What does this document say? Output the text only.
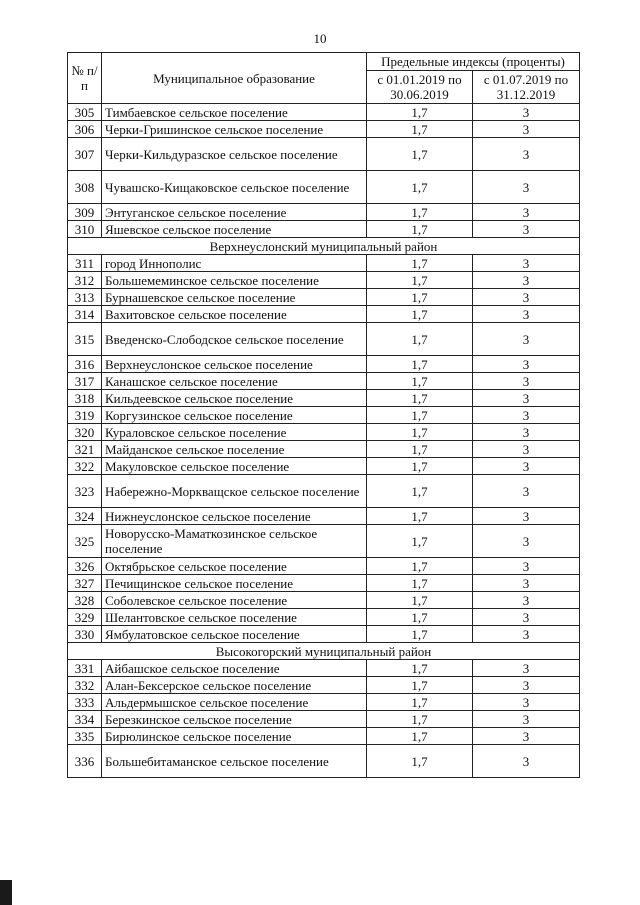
10
№ п/п	Муниципальное образование	Предельные индексы (проценты)	
		с 01.01.2019 по 30.06.2019	с 01.07.2019 по 31.12.2019
305	Тимбаевское сельское поселение	1,7	3
306	Черки-Гришинское сельское поселение	1,7	3
307	Черки-Кильдуразское сельское поселение	1,7	3
308	Чувашско-Кищаковское сельское поселение	1,7	3
309	Энтуганское сельское поселение	1,7	3
310	Яшевское сельское поселение	1,7	3
Верхнеуслонский муниципальный район			
311	город Иннополис	1,7	3
312	Большемеминское сельское поселение	1,7	3
313	Бурнашевское сельское поселение	1,7	3
314	Вахитовское сельское поселение	1,7	3
315	Введенско-Слободское сельское поселение	1,7	3
316	Верхнеуслонское сельское поселение	1,7	3
317	Канашское сельское поселение	1,7	3
318	Кильдеевское сельское поселение	1,7	3
319	Коргузинское сельское поселение	1,7	3
320	Кураловское сельское поселение	1,7	3
321	Майданское сельское поселение	1,7	3
322	Макуловское сельское поселение	1,7	3
323	Набережно-Моркващское сельское поселение	1,7	3
324	Нижнеуслонское сельское поселение	1,7	3
325	Новорусско-Маматкозинское сельское поселение	1,7	3
326	Октябрьское сельское поселение	1,7	3
327	Печищинское сельское поселение	1,7	3
328	Соболевское сельское поселение	1,7	3
329	Шелантовское сельское поселение	1,7	3
330	Ямбулатовское сельское поселение	1,7	3
Высокогорский муниципальный район			
331	Айбашское сельское поселение	1,7	3
332	Алан-Бексерское сельское поселение	1,7	3
333	Альдермышское сельское поселение	1,7	3
334	Березкинское сельское поселение	1,7	3
335	Бирюлинское сельское поселение	1,7	3
336	Большебитаманское сельское поселение	1,7	3
